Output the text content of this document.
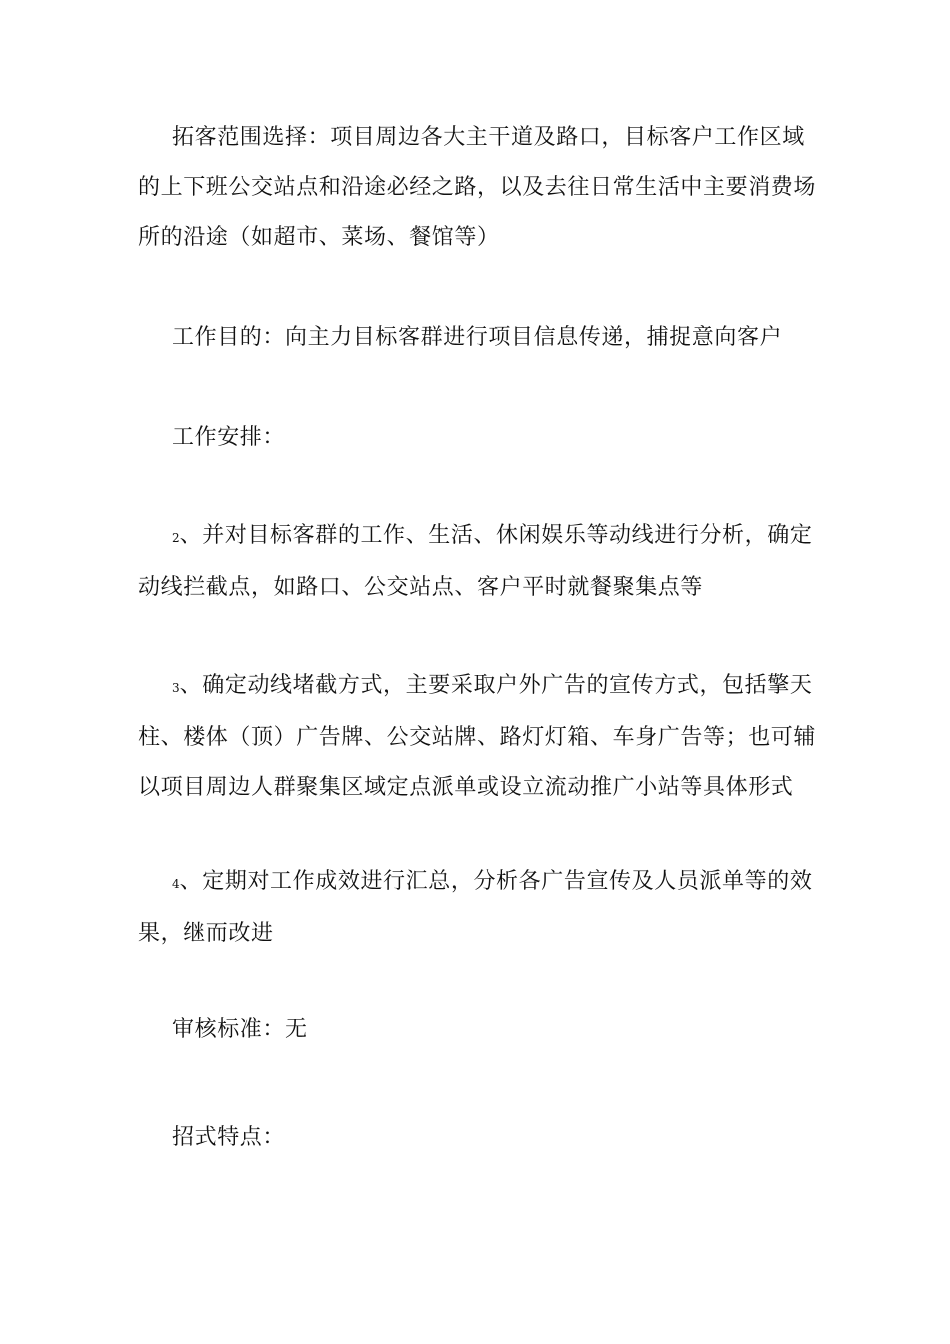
拓客范围选择：项目周边各大主干道及路口，目标客户工作区域的上下班公交站点和沿途必经之路，以及去往日常生活中主要消费场所的沿途（如超市、菜场、餐馆等）

工作目的：向主力目标客群进行项目信息传递，捕捉意向客户

工作安排：

2、并对目标客群的工作、生活、休闲娱乐等动线进行分析，确定动线拦截点，如路口、公交站点、客户平时就餐聚集点等

3、确定动线堵截方式，主要采取户外广告的宣传方式，包括擎天柱、楼体（顶）广告牌、公交站牌、路灯灯箱、车身广告等；也可辅以项目周边人群聚集区域定点派单或设立流动推广小站等具体形式

4、定期对工作成效进行汇总，分析各广告宣传及人员派单等的效果，继而改进

审核标准：无

招式特点：
